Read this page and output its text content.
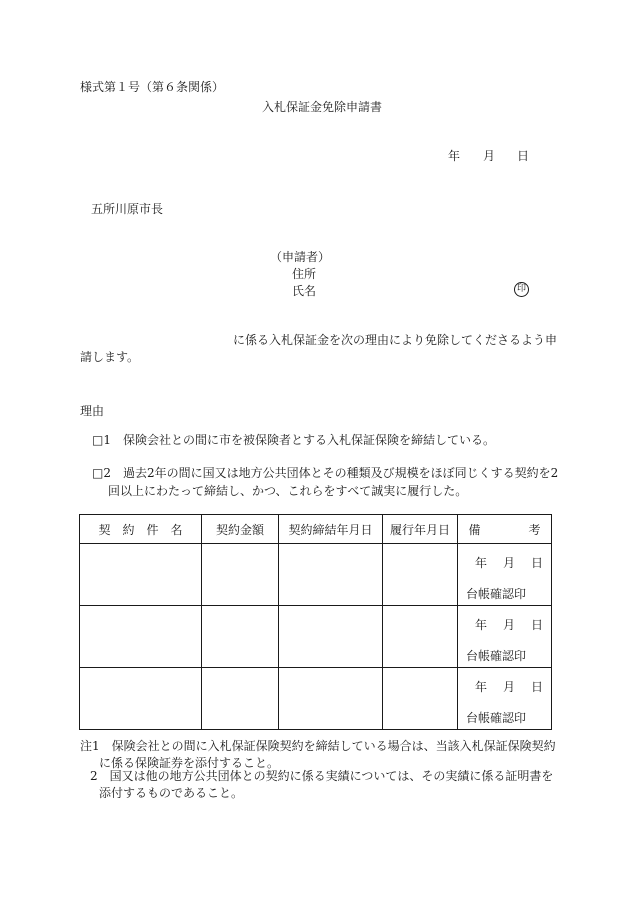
様式第１号（第６条関係）
入札保証金免除申請書
年 月 日
五所川原市長
（申請者）
住所
氏名	印
に係る入札保証金を次の理由により免除してくださるよう申
請します。
理由
□1　保険会社との間に市を被保険者とする入札保証保険を締結している。
□2　過去2年の間に国又は地方公共団体とその種類及び規模をほぼ同じくする契約を2
回以上にわたって締結し、かつ、これらをすべて誠実に履行した。
契　約　件　名	契約金額	契約締結年月日	履行年月日	備　　　　考

				年 月 日
台帳確認印

				年 月 日
台帳確認印

				年 月 日
台帳確認印
注1　保険会社との間に入札保証保険契約を締結している場合は、当該入札保証保険契約
に係る保険証券を添付すること。
2　国又は他の地方公共団体との契約に係る実績については、その実績に係る証明書を
添付するものであること。
